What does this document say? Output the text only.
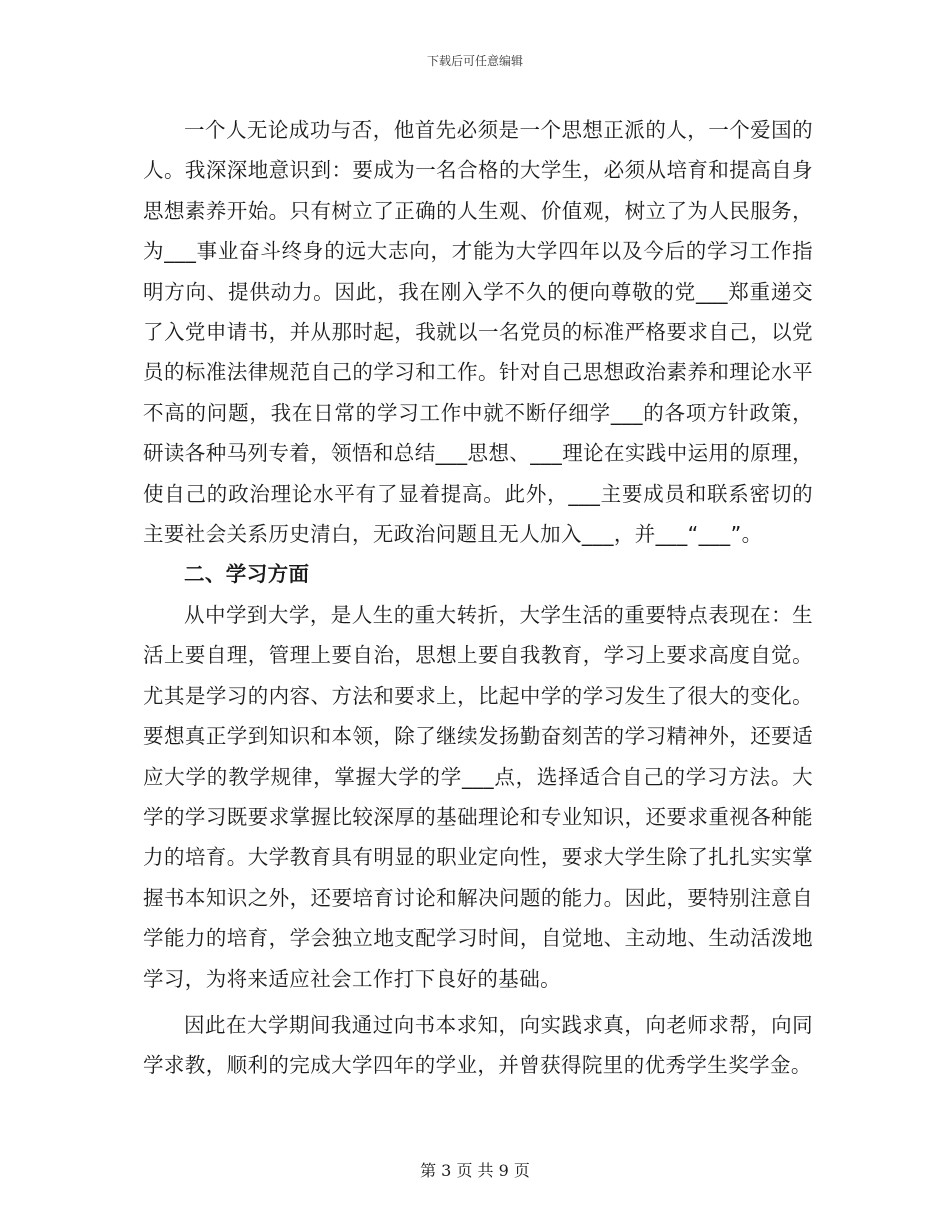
下载后可任意编辑

一个人无论成功与否，他首先必须是一个思想正派的人，一个爱国的人。我深深地意识到：要成为一名合格的大学生，必须从培育和提高自身思想素养开始。只有树立了正确的人生观、价值观，树立了为人民服务，为___事业奋斗终身的远大志向，才能为大学四年以及今后的学习工作指明方向、提供动力。因此，我在刚入学不久的便向尊敬的党___郑重递交了入党申请书，并从那时起，我就以一名党员的标准严格要求自己，以党员的标准法律规范自己的学习和工作。针对自己思想政治素养和理论水平不高的问题，我在日常的学习工作中就不断仔细学___的各项方针政策，研读各种马列专着，领悟和总结___思想、___理论在实践中运用的原理，使自己的政治理论水平有了显着提高。此外，___主要成员和联系密切的主要社会关系历史清白，无政治问题且无人加入___，并___“___”。

二、学习方面

从中学到大学，是人生的重大转折，大学生活的重要特点表现在：生活上要自理，管理上要自治，思想上要自我教育，学习上要求高度自觉。尤其是学习的内容、方法和要求上，比起中学的学习发生了很大的变化。要想真正学到知识和本领，除了继续发扬勤奋刻苦的学习精神外，还要适应大学的教学规律，掌握大学的学___点，选择适合自己的学习方法。大学的学习既要求掌握比较深厚的基础理论和专业知识，还要求重视各种能力的培育。大学教育具有明显的职业定向性，要求大学生除了扎扎实实掌握书本知识之外，还要培育讨论和解决问题的能力。因此，要特别注意自学能力的培育，学会独立地支配学习时间，自觉地、主动地、生动活泼地学习，为将来适应社会工作打下良好的基础。

因此在大学期间我通过向书本求知，向实践求真，向老师求帮，向同学求教，顺利的完成大学四年的学业，并曾获得院里的优秀学生奖学金。

第 3 页 共 9 页
